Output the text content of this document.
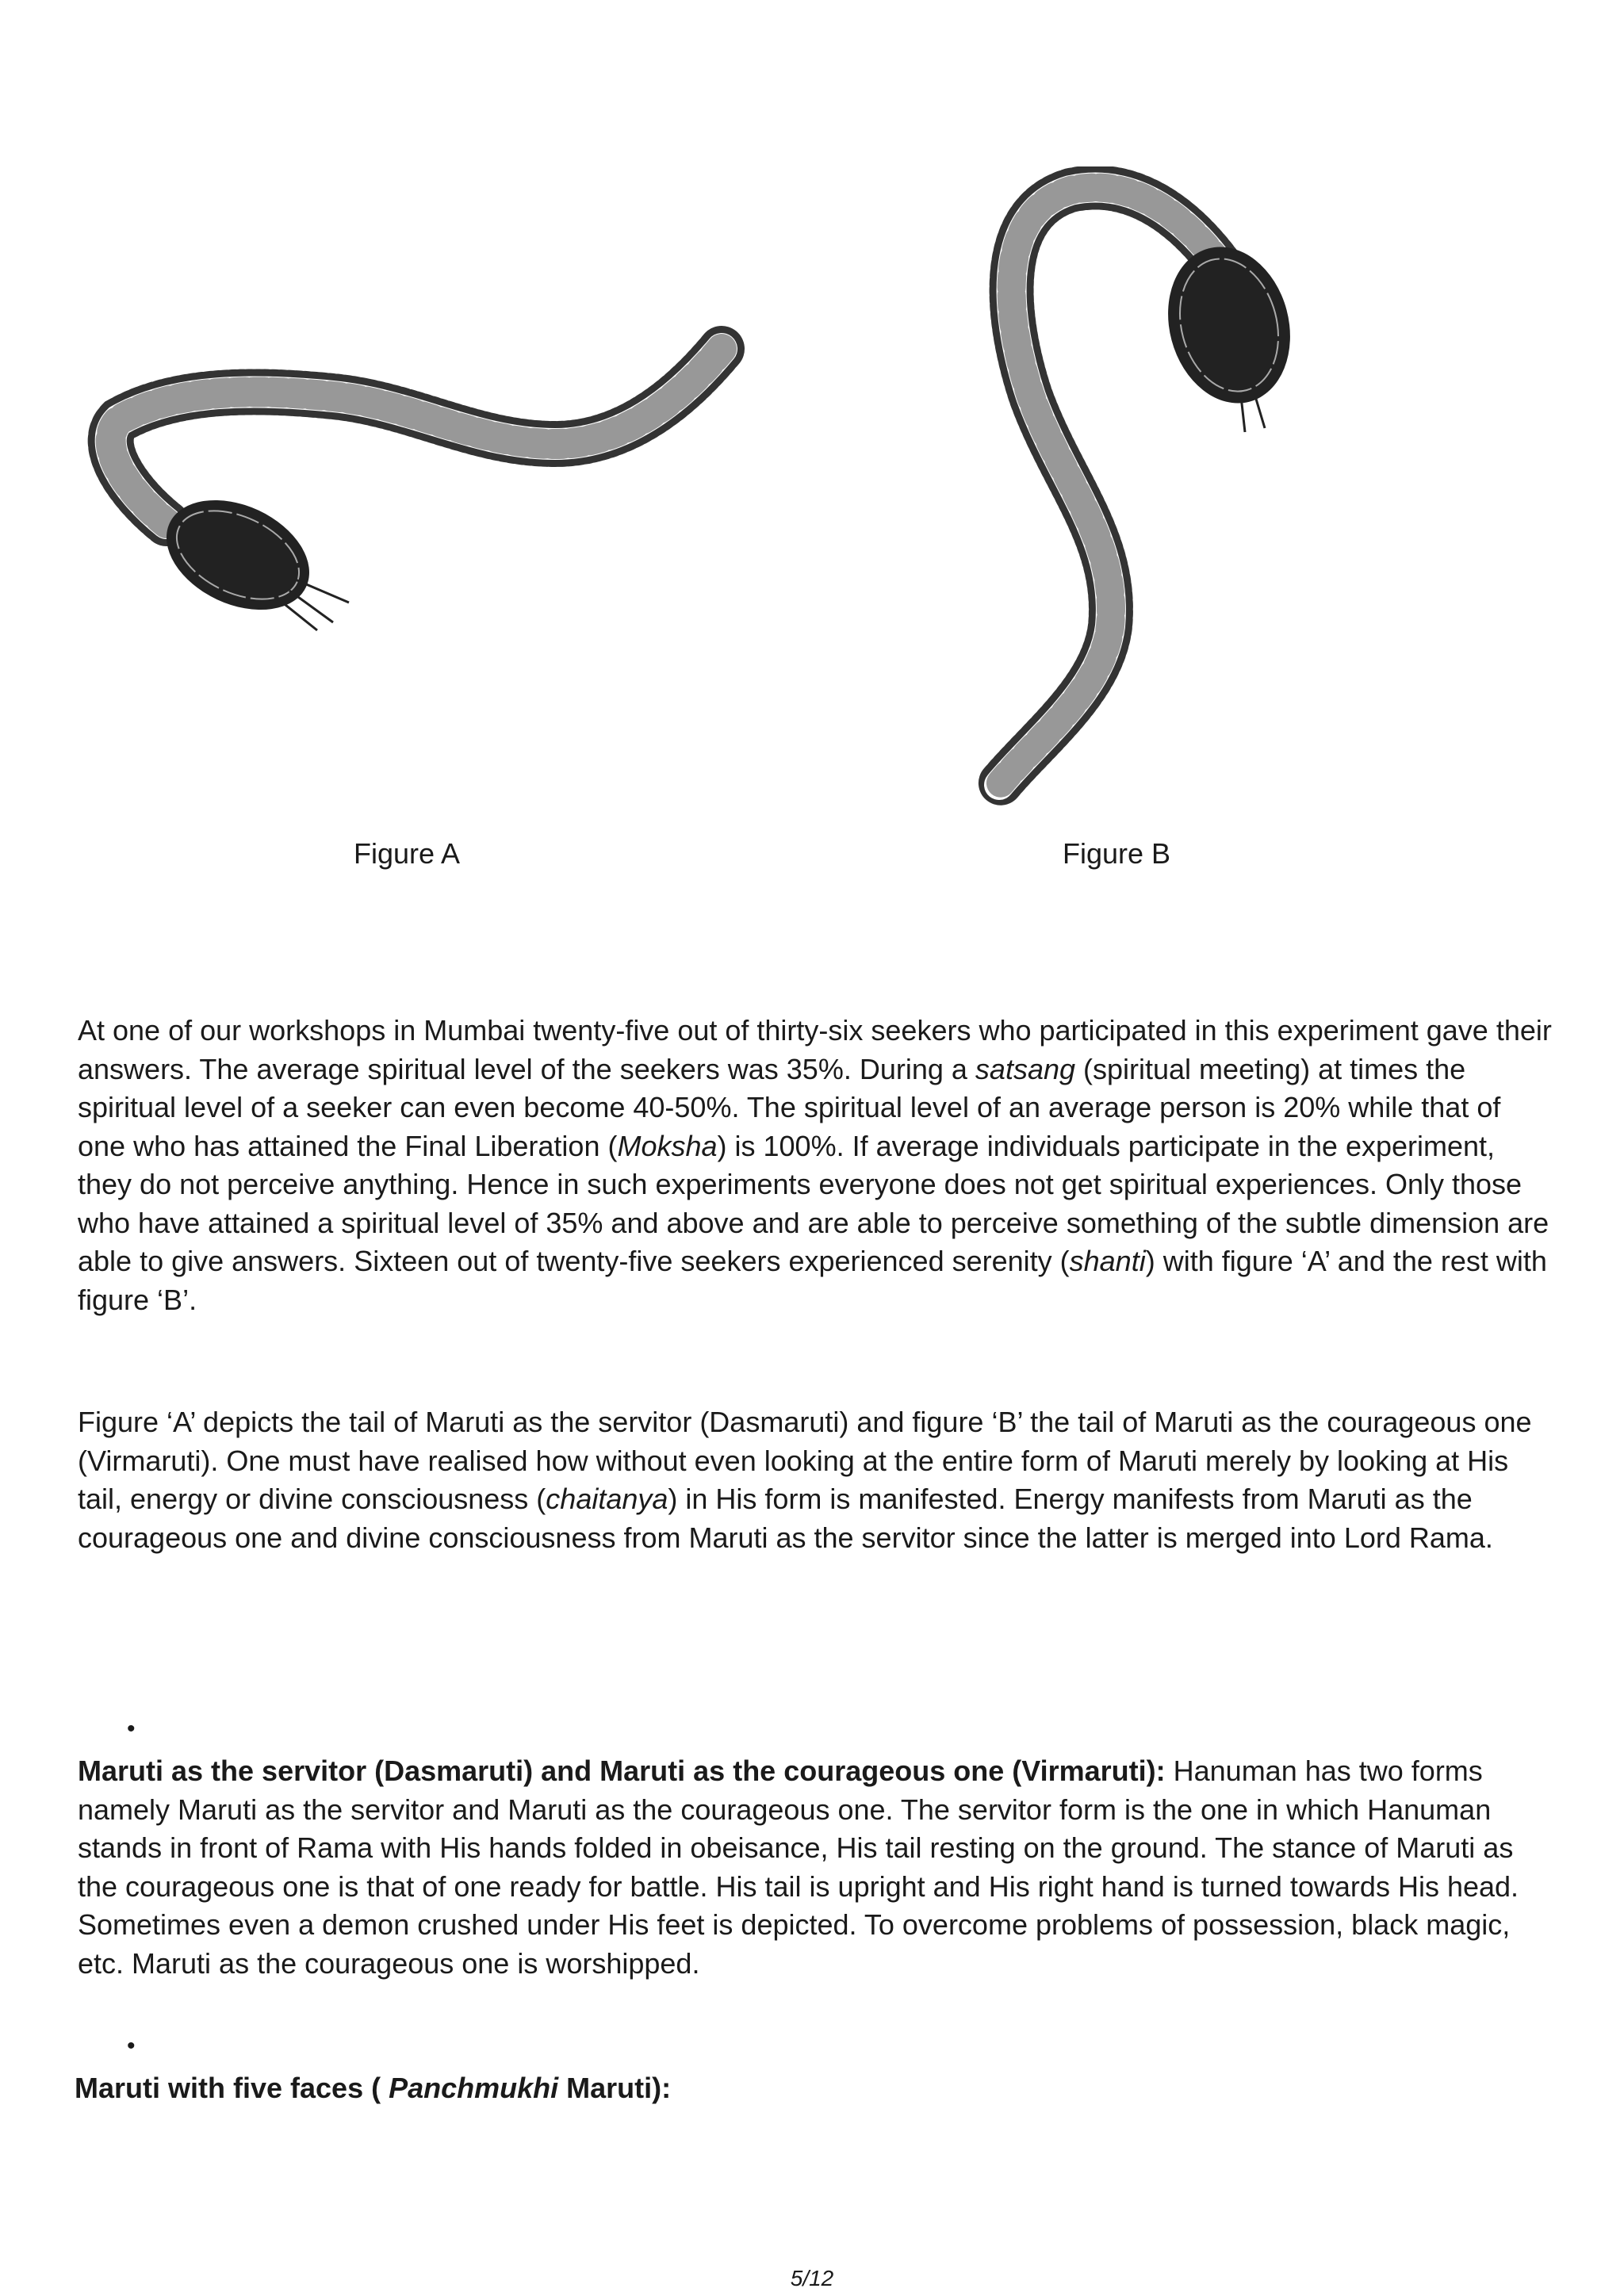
Figure A	Figure B

At one of our workshops in Mumbai twenty-five out of thirty-six seekers who participated in this experiment gave their answers. The average spiritual level of the seekers was 35%. During a satsang (spiritual meeting) at times the spiritual level of a seeker can even become 40-50%. The spiritual level of an average person is 20% while that of one who has attained the Final Liberation (Moksha) is 100%. If average individuals participate in the experiment, they do not perceive anything. Hence in such experiments everyone does not get spiritual experiences. Only those who have attained a spiritual level of 35% and above and are able to perceive something of the subtle dimension are able to give answers. Sixteen out of twenty-five seekers experienced serenity (shanti) with figure ‘A’ and the rest with figure ‘B’.

Figure ‘A’ depicts the tail of Maruti as the servitor (Dasmaruti) and figure ‘B’ the tail of Maruti as the courageous one (Virmaruti). One must have realised how without even looking at the entire form of Maruti merely by looking at His tail, energy or divine consciousness (chaitanya) in His form is manifested. Energy manifests from Maruti as the courageous one and divine consciousness from Maruti as the servitor since the latter is merged into Lord Rama.

•

Maruti as the servitor (Dasmaruti) and Maruti as the courageous one (Virmaruti): Hanuman has two forms namely Maruti as the servitor and Maruti as the courageous one. The servitor form is the one in which Hanuman stands in front of Rama with His hands folded in obeisance, His tail resting on the ground. The stance of Maruti as the courageous one is that of one ready for battle. His tail is upright and His right hand is turned towards His head. Sometimes even a demon crushed under His feet is depicted. To overcome problems of possession, black magic, etc. Maruti as the courageous one is worshipped.

•

Maruti with five faces ( Panchmukhi Maruti):

5/12
